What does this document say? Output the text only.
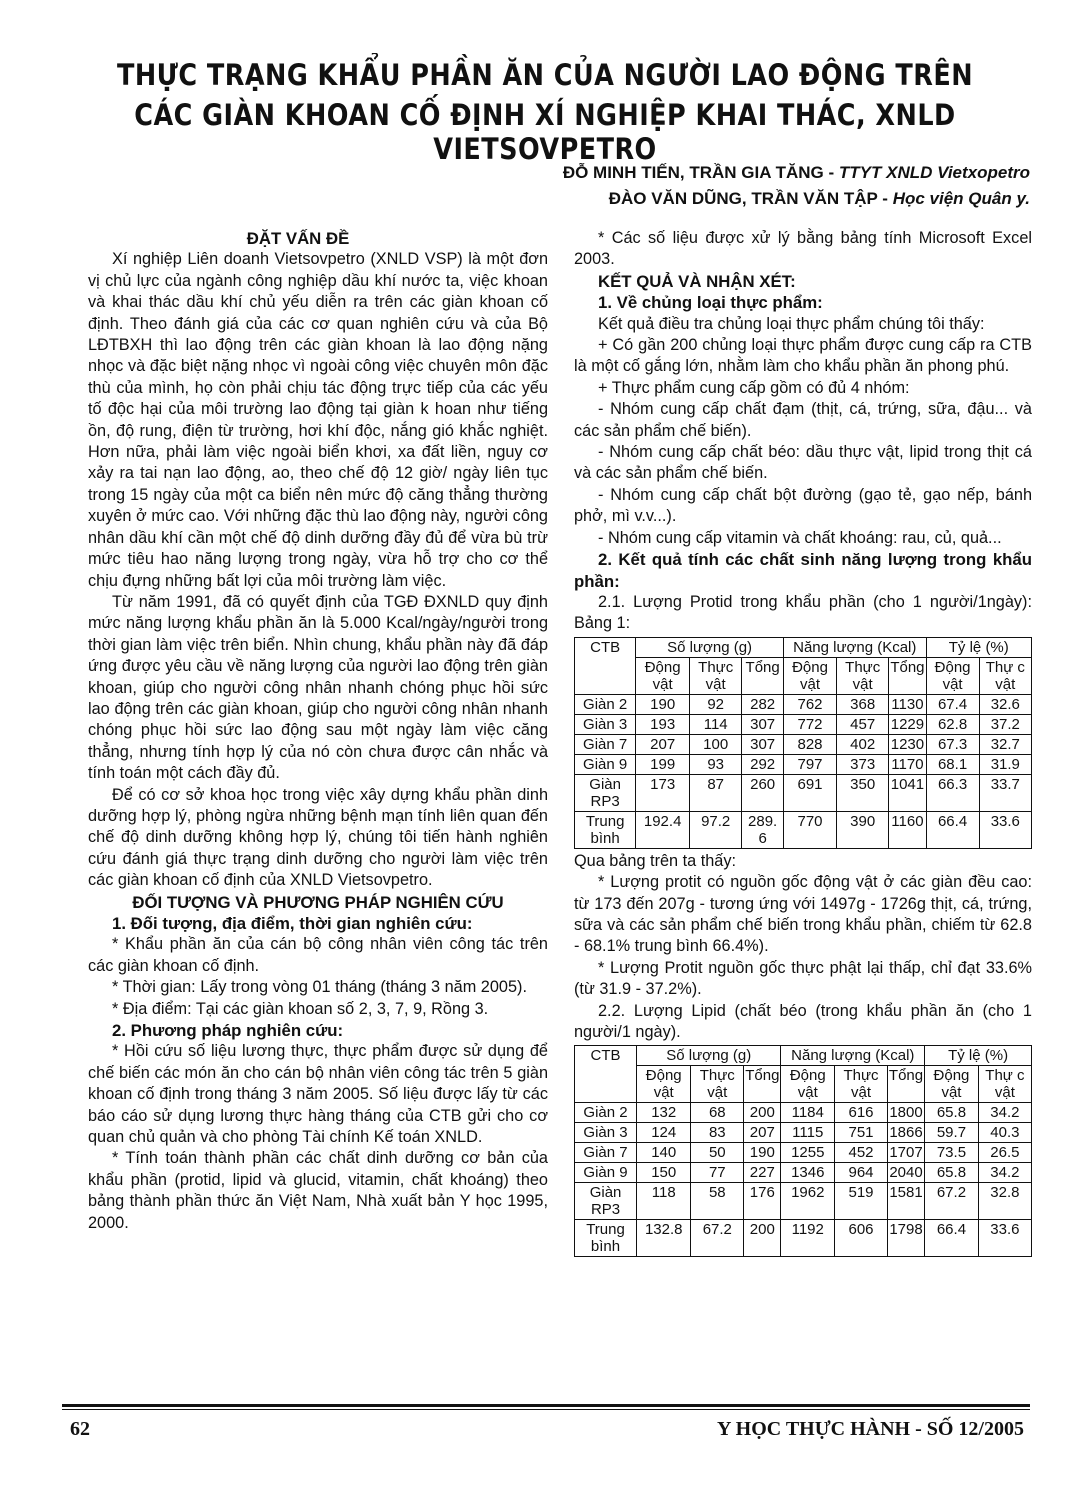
THỰC TRẠNG KHẨU PHẦN ĂN CỦA NGƯỜI LAO ĐỘNG TRÊN
CÁC GIÀN KHOAN CỐ ĐỊNH XÍ NGHIỆP KHAI THÁC, XNLD VIETSOVPETRO
ĐỖ MINH TIẾN, TRẦN GIA TĂNG - TTYT XNLD Vietxopetro
ĐÀO VĂN DŨNG, TRẦN VĂN TẬP - Học viện Quân y.

ĐẶT VẤN ĐỀ

Xí nghiệp Liên doanh Vietsovpetro (XNLD VSP) là một đơn vị chủ lực của ngành công nghiệp dầu khí nước ta, việc khoan và khai thác dầu khí chủ yếu diễn ra trên các giàn khoan cố định. Theo đánh giá của các cơ quan nghiên cứu và của Bộ LĐTBXH thì lao động trên các giàn khoan là lao động nặng nhọc và đặc biệt nặng nhọc vì ngoài công việc chuyên môn đặc thù của mình, họ còn phải chịu tác động trực tiếp của các yếu tố độc hại của môi trường lao động tại giàn k hoan như tiếng ồn, độ rung, điện từ trường, hơi khí độc, nắng gió khắc nghiệt. Hơn nữa, phải làm việc ngoài biển khơi, xa đất liền, nguy cơ xảy ra tai nạn lao động, ao, theo chế độ 12 giờ/ ngày liên tục trong 15 ngày của một ca biển nên mức độ căng thẳng thường xuyên ở mức cao. Với những đặc thù lao động này, người công nhân dầu khí cần một chế độ dinh dưỡng đầy đủ để vừa bù trừ mức tiêu hao năng lượng trong ngày, vừa hỗ trợ cho cơ thể chịu đựng những bất lợi của môi trường làm việc.

Từ năm 1991, đã có quyết định của TGĐ ĐXNLD quy định mức năng lượng khẩu phần ăn là 5.000 Kcal/ngày/người trong thời gian làm việc trên biển. Nhìn chung, khẩu phần này đã đáp ứng được yêu cầu về năng lượng của người lao động trên giàn khoan, giúp cho người công nhân nhanh chóng phục hồi sức lao động trên các giàn khoan, giúp cho người công nhân nhanh chóng phục hồi sức lao động sau một ngày làm việc căng thẳng, nhưng tính hợp lý của nó còn chưa được cân nhắc và tính toán một cách đầy đủ.

Để có cơ sở khoa học trong việc xây dựng khẩu phần dinh dưỡng hợp lý, phòng ngừa những bệnh mạn tính liên quan đến chế độ dinh dưỡng không hợp lý, chúng tôi tiến hành nghiên cứu đánh giá thực trạng dinh dưỡng cho người làm việc trên các giàn khoan cố định của XNLD Vietsovpetro.

ĐỐI TƯỢNG VÀ PHƯƠNG PHÁP NGHIÊN CỨU

1. Đối tượng, địa điểm, thời gian nghiên cứu:

* Khẩu phần ăn của cán bộ công nhân viên công tác trên các giàn khoan cố định.

* Thời gian: Lấy trong vòng 01 tháng (tháng 3 năm 2005).

* Địa điểm: Tại các giàn khoan số 2, 3, 7, 9, Rồng 3.

2. Phương pháp nghiên cứu:

* Hồi cứu số liệu lương thực, thực phẩm được sử dụng để chế biến các món ăn cho cán bộ nhân viên công tác trên 5 giàn khoan cố định trong tháng 3 năm 2005. Số liệu được lấy từ các báo cáo sử dụng lương thực hàng tháng của CTB gửi cho cơ quan chủ quản và cho phòng Tài chính Kế toán XNLD.

* Tính toán thành phần các chất dinh dưỡng cơ bản của khẩu phần (protid, lipid và glucid, vitamin, chất khoáng) theo bảng thành phần thức ăn Việt Nam, Nhà xuất bản Y học 1995, 2000.

* Các số liệu được xử lý bằng bảng tính Microsoft Excel 2003.

KẾT QUẢ VÀ NHẬN XÉT:

1. Về chủng loại thực phẩm:

Kết quả điều tra chủng loại thực phẩm chúng tôi thấy:

+ Có gần 200 chủng loại thực phẩm được cung cấp ra CTB là một cố gắng lớn, nhằm làm cho khẩu phần ăn phong phú.

+ Thực phẩm cung cấp gồm có đủ 4 nhóm:

- Nhóm cung cấp chất đạm (thịt, cá, trứng, sữa, đậu... và các sản phẩm chế biến).

- Nhóm cung cấp chất béo: dầu thực vật, lipid trong thịt cá và các sản phẩm chế biến.

- Nhóm cung cấp chất bột đường (gạo tẻ, gạo nếp, bánh phở, mì v.v...).

- Nhóm cung cấp vitamin và chất khoáng: rau, củ, quả...

2. Kết quả tính các chất sinh năng lượng trong khẩu phần:

2.1. Lượng Protid trong khẩu phần (cho 1 người/1ngày): Bảng 1:

CTB	Số lượng (g)			Năng lượng (Kcal)			Tỷ lệ (%)	
	Động vật	Thực vật	Tổng	Động vật	Thực vật	Tổng	Động vật	Thự c vật
Giàn 2	190	92	282	762	368	1130	67.4	32.6
Giàn 3	193	114	307	772	457	1229	62.8	37.2
Giàn 7	207	100	307	828	402	1230	67.3	32.7
Giàn 9	199	93	292	797	373	1170	68.1	31.9
Giàn RP3	173	87	260	691	350	1041	66.3	33.7
Trung bình	192.4	97.2	289. 6	770	390	1160	66.4	33.6

Qua bảng trên ta thấy:

* Lượng protit có nguồn gốc động vật ở các giàn đều cao: từ 173 đến 207g - tương ứng với 1497g - 1726g thịt, cá, trứng, sữa và các sản phẩm chế biến trong khẩu phần, chiếm từ 62.8 - 68.1% trung bình 66.4%).

* Lượng Protit nguồn gốc thực phật lại thấp, chỉ đạt 33.6% (từ 31.9 - 37.2%).

2.2. Lượng Lipid (chất béo (trong khẩu phần ăn (cho 1 người/1 ngày).

CTB	Số lượng (g)			Năng lượng (Kcal)			Tỷ lệ (%)	
	Động vật	Thực vật	Tổng	Động vật	Thực vật	Tổng	Động vật	Thự c vật
Giàn 2	132	68	200	1184	616	1800	65.8	34.2
Giàn 3	124	83	207	1115	751	1866	59.7	40.3
Giàn 7	140	50	190	1255	452	1707	73.5	26.5
Giàn 9	150	77	227	1346	964	2040	65.8	34.2
Giàn RP3	118	58	176	1962	519	1581	67.2	32.8
Trung bình	132.8	67.2	200	1192	606	1798	66.4	33.6
62	Y HỌC THỰC HÀNH - SỐ 12/2005
